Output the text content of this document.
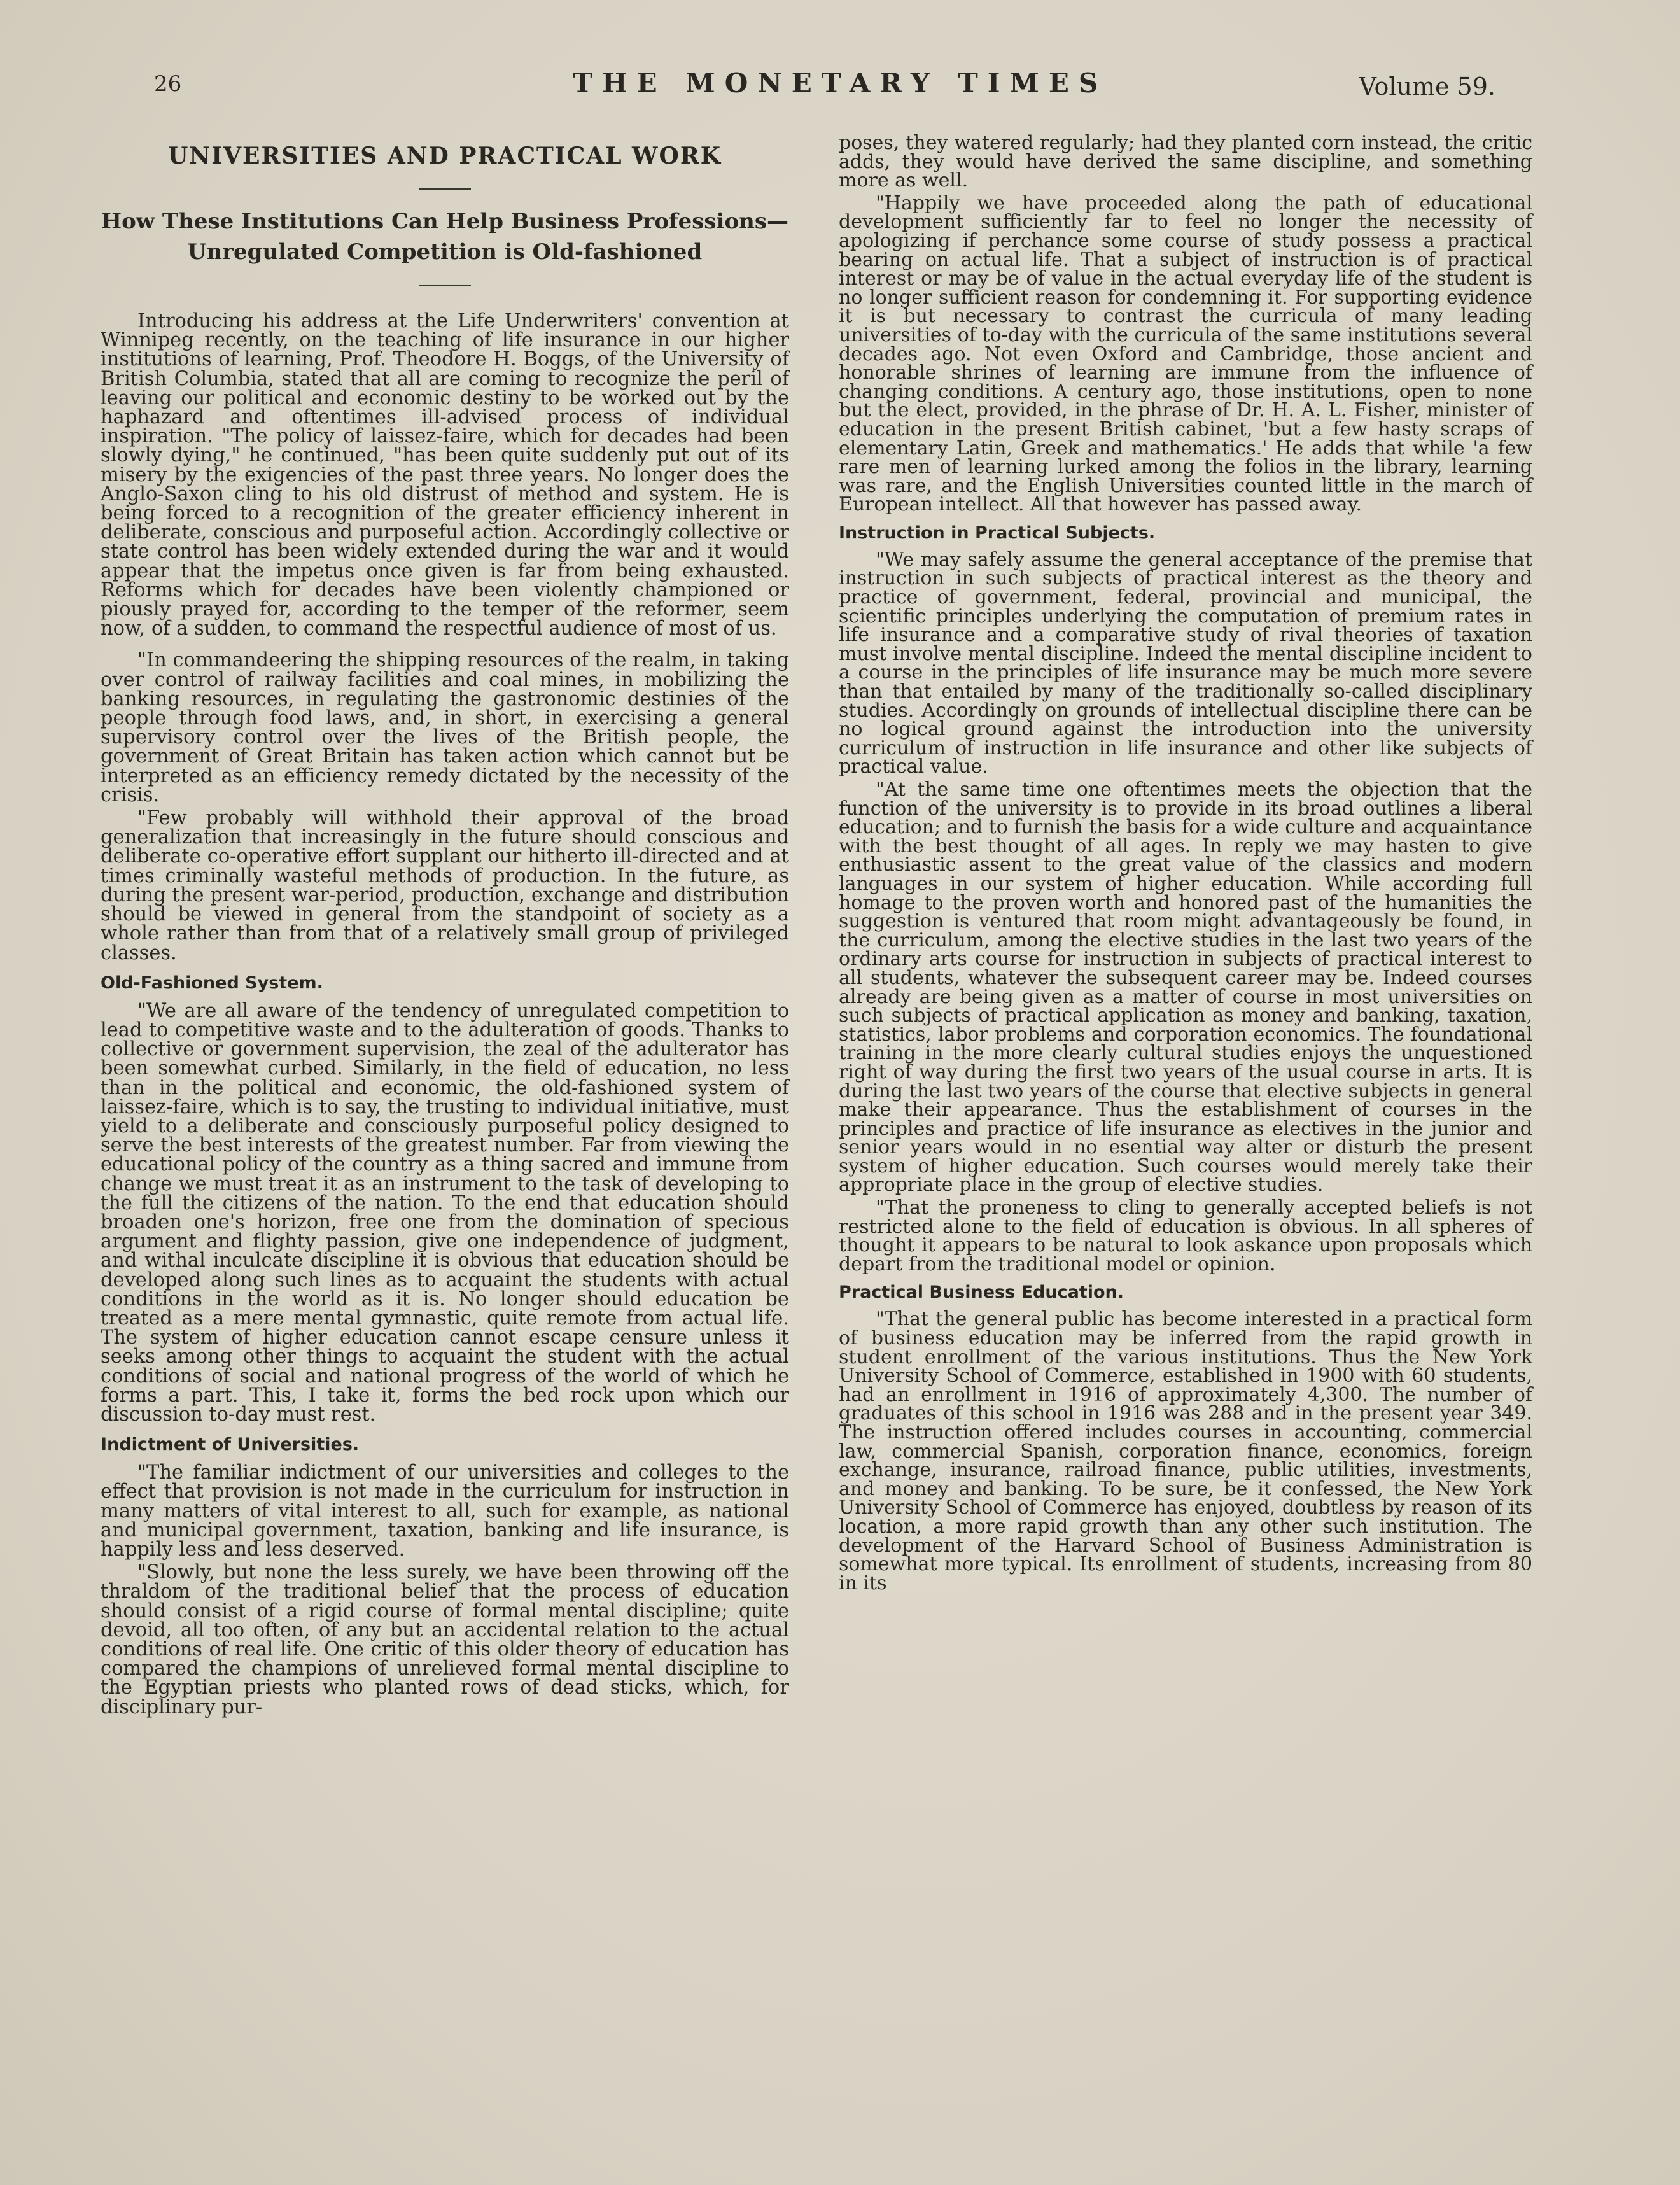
26	THE MONETARY TIMES	Volume 59.
UNIVERSITIES AND PRACTICAL WORK
How These Institutions Can Help Business Professions—
Unregulated Competition is Old-fashioned

Introducing his address at the Life Underwriters' convention at Winnipeg recently, on the teaching of life insurance in our higher institutions of learning, Prof. Theodore H. Boggs, of the University of British Columbia, stated that all are coming to recognize the peril of leaving our political and economic destiny to be worked out by the haphazard and oftentimes ill-advised process of individual inspiration. "The policy of laissez-faire, which for decades had been slowly dying," he continued, "has been quite suddenly put out of its misery by the exigencies of the past three years. No longer does the Anglo-Saxon cling to his old distrust of method and system. He is being forced to a recognition of the greater efficiency inherent in deliberate, conscious and purposeful action. Accordingly collective or state control has been widely extended during the war and it would appear that the impetus once given is far from being exhausted. Reforms which for decades have been violently championed or piously prayed for, according to the temper of the reformer, seem now, of a sudden, to command the respectful audience of most of us.

"In commandeering the shipping resources of the realm, in taking over control of railway facilities and coal mines, in mobilizing the banking resources, in regulating the gastronomic destinies of the people through food laws, and, in short, in exercising a general supervisory control over the lives of the British people, the government of Great Britain has taken action which cannot but be interpreted as an efficiency remedy dictated by the necessity of the crisis.

"Few probably will withhold their approval of the broad generalization that increasingly in the future should conscious and deliberate co-operative effort supplant our hitherto ill-directed and at times criminally wasteful methods of production. In the future, as during the present war-period, production, exchange and distribution should be viewed in general from the standpoint of society as a whole rather than from that of a relatively small group of privileged classes.

Old-Fashioned System.

"We are all aware of the tendency of unregulated competition to lead to competitive waste and to the adulteration of goods. Thanks to collective or government supervision, the zeal of the adulterator has been somewhat curbed. Similarly, in the field of education, no less than in the political and economic, the old-fashioned system of laissez-faire, which is to say, the trusting to individual initiative, must yield to a deliberate and consciously purposeful policy designed to serve the best interests of the greatest number. Far from viewing the educational policy of the country as a thing sacred and immune from change we must treat it as an instrument to the task of developing to the full the citizens of the nation. To the end that education should broaden one's horizon, free one from the domination of specious argument and flighty passion, give one independence of judgment, and withal inculcate discipline it is obvious that education should be developed along such lines as to acquaint the students with actual conditions in the world as it is. No longer should education be treated as a mere mental gymnastic, quite remote from actual life. The system of higher education cannot escape censure unless it seeks among other things to acquaint the student with the actual conditions of social and national progress of the world of which he forms a part. This, I take it, forms the bed rock upon which our discussion to-day must rest.

Indictment of Universities.

"The familiar indictment of our universities and colleges to the effect that provision is not made in the curriculum for instruction in many matters of vital interest to all, such for example, as national and municipal government, taxation, banking and life insurance, is happily less and less deserved.

"Slowly, but none the less surely, we have been throwing off the thraldom of the traditional belief that the process of education should consist of a rigid course of formal mental discipline; quite devoid, all too often, of any but an accidental relation to the actual conditions of real life. One critic of this older theory of education has compared the champions of unrelieved formal mental discipline to the Egyptian priests who planted rows of dead sticks, which, for disciplinary pur-

poses, they watered regularly; had they planted corn instead, the critic adds, they would have derived the same discipline, and something more as well.

"Happily we have proceeded along the path of educational development sufficiently far to feel no longer the necessity of apologizing if perchance some course of study possess a practical bearing on actual life. That a subject of instruction is of practical interest or may be of value in the actual everyday life of the student is no longer sufficient reason for condemning it. For supporting evidence it is but necessary to contrast the curricula of many leading universities of to-day with the curricula of the same institutions several decades ago. Not even Oxford and Cambridge, those ancient and honorable shrines of learning are immune from the influence of changing conditions. A century ago, those institutions, open to none but the elect, provided, in the phrase of Dr. H. A. L. Fisher, minister of education in the present British cabinet, 'but a few hasty scraps of elementary Latin, Greek and mathematics.' He adds that while 'a few rare men of learning lurked among the folios in the library, learning was rare, and the English Universities counted little in the march of European intellect. All that however has passed away.

Instruction in Practical Subjects.

"We may safely assume the general acceptance of the premise that instruction in such subjects of practical interest as the theory and practice of government, federal, provincial and municipal, the scientific principles underlying the computation of premium rates in life insurance and a comparative study of rival theories of taxation must involve mental discipline. Indeed the mental discipline incident to a course in the principles of life insurance may be much more severe than that entailed by many of the traditionally so-called disciplinary studies. Accordingly on grounds of intellectual discipline there can be no logical ground against the introduction into the university curriculum of instruction in life insurance and other like subjects of practical value.

"At the same time one oftentimes meets the objection that the function of the university is to provide in its broad outlines a liberal education; and to furnish the basis for a wide culture and acquaintance with the best thought of all ages. In reply we may hasten to give enthusiastic assent to the great value of the classics and modern languages in our system of higher education. While according full homage to the proven worth and honored past of the humanities the suggestion is ventured that room might advantageously be found, in the curriculum, among the elective studies in the last two years of the ordinary arts course for instruction in subjects of practical interest to all students, whatever the subsequent career may be. Indeed courses already are being given as a matter of course in most universities on such subjects of practical application as money and banking, taxation, statistics, labor problems and corporation economics. The foundational training in the more clearly cultural studies enjoys the unquestioned right of way during the first two years of the usual course in arts. It is during the last two years of the course that elective subjects in general make their appearance. Thus the establishment of courses in the principles and practice of life insurance as electives in the junior and senior years would in no esential way alter or disturb the present system of higher education. Such courses would merely take their appropriate place in the group of elective studies.

"That the proneness to cling to generally accepted beliefs is not restricted alone to the field of education is obvious. In all spheres of thought it appears to be natural to look askance upon proposals which depart from the traditional model or opinion.

Practical Business Education.

"That the general public has become interested in a practical form of business education may be inferred from the rapid growth in student enrollment of the various institutions. Thus the New York University School of Commerce, established in 1900 with 60 students, had an enrollment in 1916 of approximately 4,300. The number of graduates of this school in 1916 was 288 and in the present year 349. The instruction offered includes courses in accounting, commercial law, commercial Spanish, corporation finance, economics, foreign exchange, insurance, railroad finance, public utilities, investments, and money and banking. To be sure, be it confessed, the New York University School of Commerce has enjoyed, doubtless by reason of its location, a more rapid growth than any other such institution. The development of the Harvard School of Business Administration is somewhat more typical. Its enrollment of students, increasing from 80 in its
